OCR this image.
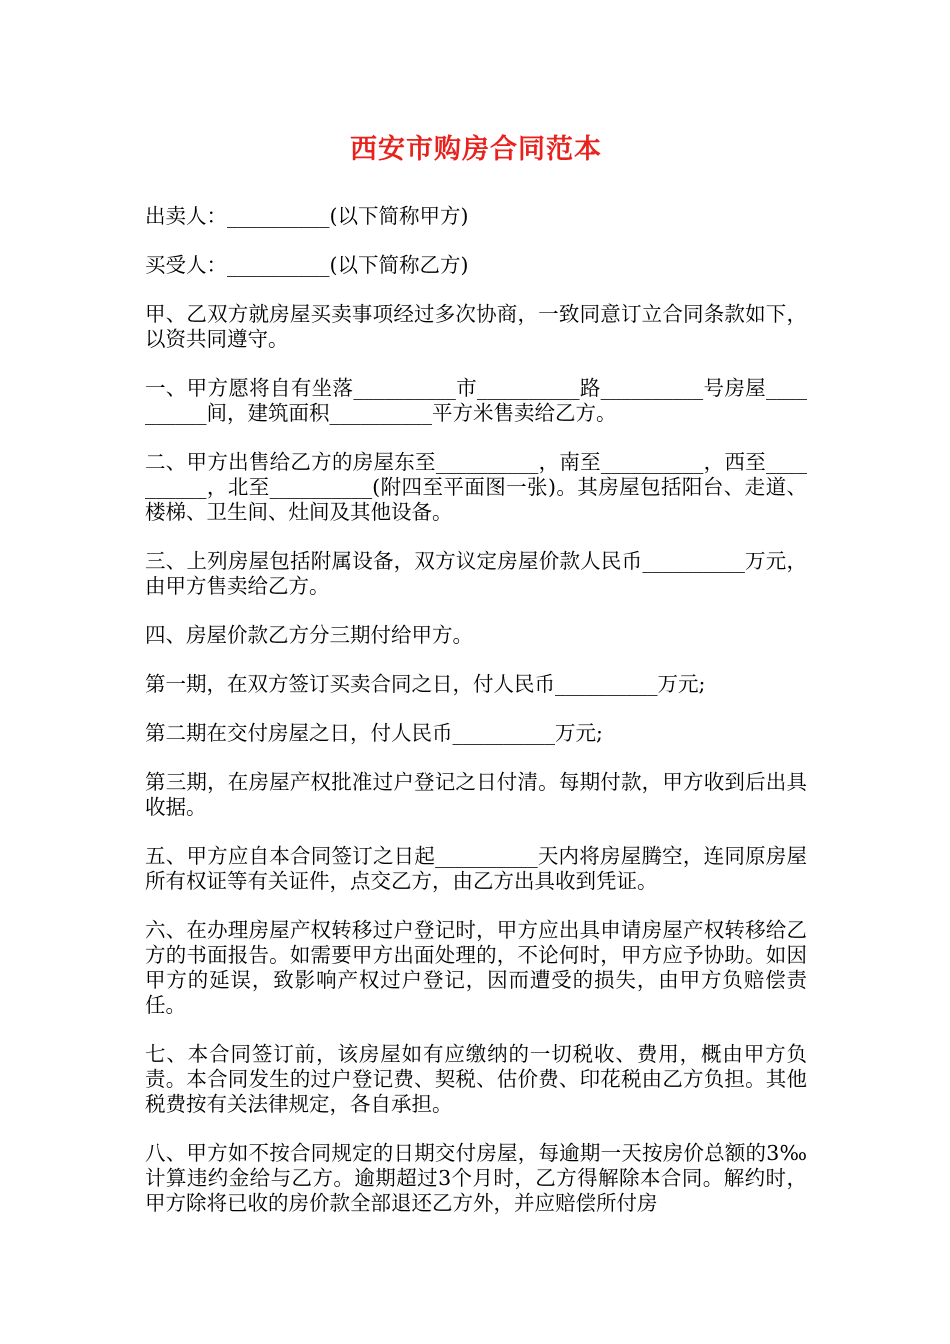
西安市购房合同范本

出卖人：__________(以下简称甲方)

买受人：__________(以下简称乙方)

甲、乙双方就房屋买卖事项经过多次协商，一致同意订立合同条款如下，以资共同遵守。

一、甲方愿将自有坐落__________市__________路__________号房屋__________间，建筑面积__________平方米售卖给乙方。

二、甲方出售给乙方的房屋东至__________，南至__________，西至__________，北至__________(附四至平面图一张)。其房屋包括阳台、走道、楼梯、卫生间、灶间及其他设备。

三、上列房屋包括附属设备，双方议定房屋价款人民币__________万元，由甲方售卖给乙方。

四、房屋价款乙方分三期付给甲方。

第一期，在双方签订买卖合同之日，付人民币__________万元;

第二期在交付房屋之日，付人民币__________万元;

第三期，在房屋产权批准过户登记之日付清。每期付款，甲方收到后出具收据。

五、甲方应自本合同签订之日起__________天内将房屋腾空，连同原房屋所有权证等有关证件，点交乙方，由乙方出具收到凭证。

六、在办理房屋产权转移过户登记时，甲方应出具申请房屋产权转移给乙方的书面报告。如需要甲方出面处理的，不论何时，甲方应予协助。如因甲方的延误，致影响产权过户登记，因而遭受的损失，由甲方负赔偿责任。

七、本合同签订前，该房屋如有应缴纳的一切税收、费用，概由甲方负责。本合同发生的过户登记费、契税、估价费、印花税由乙方负担。其他税费按有关法律规定，各自承担。

八、甲方如不按合同规定的日期交付房屋，每逾期一天按房价总额的3‰计算违约金给与乙方。逾期超过3个月时，乙方得解除本合同。解约时，甲方除将已收的房价款全部退还乙方外，并应赔偿所付房
